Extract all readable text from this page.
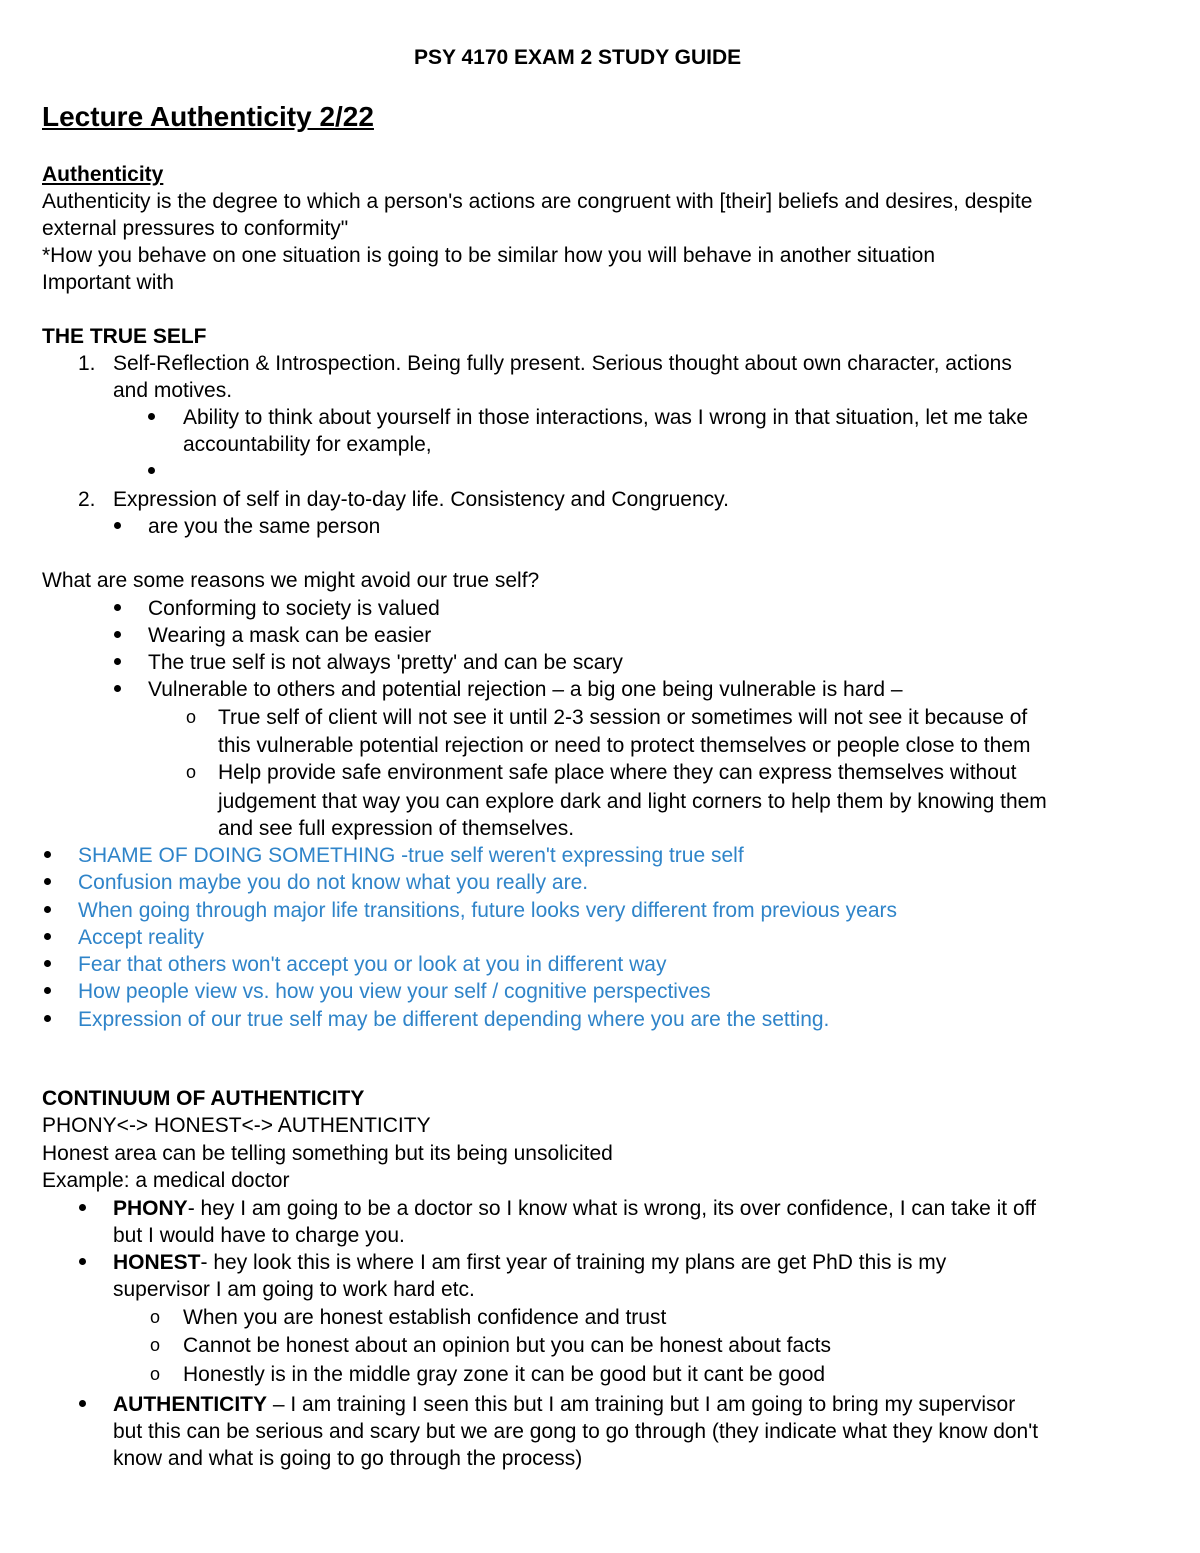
PSY 4170 EXAM 2 STUDY GUIDE
Lecture Authenticity 2/22
Authenticity
Authenticity is the degree to which a person's actions are congruent with [their] beliefs and desires, despite
external pressures to conformity"
*How you behave on one situation is going to be similar how you will behave in another situation
Important with
THE TRUE SELF
1. Self-Reflection & Introspection. Being fully present. Serious thought about own character, actions
and motives.
Ability to think about yourself in those interactions, was I wrong in that situation, let me take
accountability for example,
2. Expression of self in day-to-day life. Consistency and Congruency.
are you the same person
What are some reasons we might avoid our true self?
Conforming to society is valued
Wearing a mask can be easier
The true self is not always 'pretty' and can be scary
Vulnerable to others and potential rejection – a big one being vulnerable is hard –
o True self of client will not see it until 2-3 session or sometimes will not see it because of
this vulnerable potential rejection or need to protect themselves or people close to them
o Help provide safe environment safe place where they can express themselves without
judgement that way you can explore dark and light corners to help them by knowing them
and see full expression of themselves.
SHAME OF DOING SOMETHING -true self weren't expressing true self
Confusion maybe you do not know what you really are.
When going through major life transitions, future looks very different from previous years
Accept reality
Fear that others won't accept you or look at you in different way
How people view vs. how you view your self / cognitive perspectives
Expression of our true self may be different depending where you are the setting.
CONTINUUM OF AUTHENTICITY
PHONY<-> HONEST<-> AUTHENTICITY
Honest area can be telling something but its being unsolicited
Example: a medical doctor
PHONY- hey I am going to be a doctor so I know what is wrong, its over confidence, I can take it off
but I would have to charge you.
HONEST- hey look this is where I am first year of training my plans are get PhD this is my
supervisor I am going to work hard etc.
o When you are honest establish confidence and trust
o Cannot be honest about an opinion but you can be honest about facts
o Honestly is in the middle gray zone it can be good but it cant be good
AUTHENTICITY – I am training I seen this but I am training but I am going to bring my supervisor
but this can be serious and scary but we are gong to go through (they indicate what they know don't
know and what is going to go through the process)
